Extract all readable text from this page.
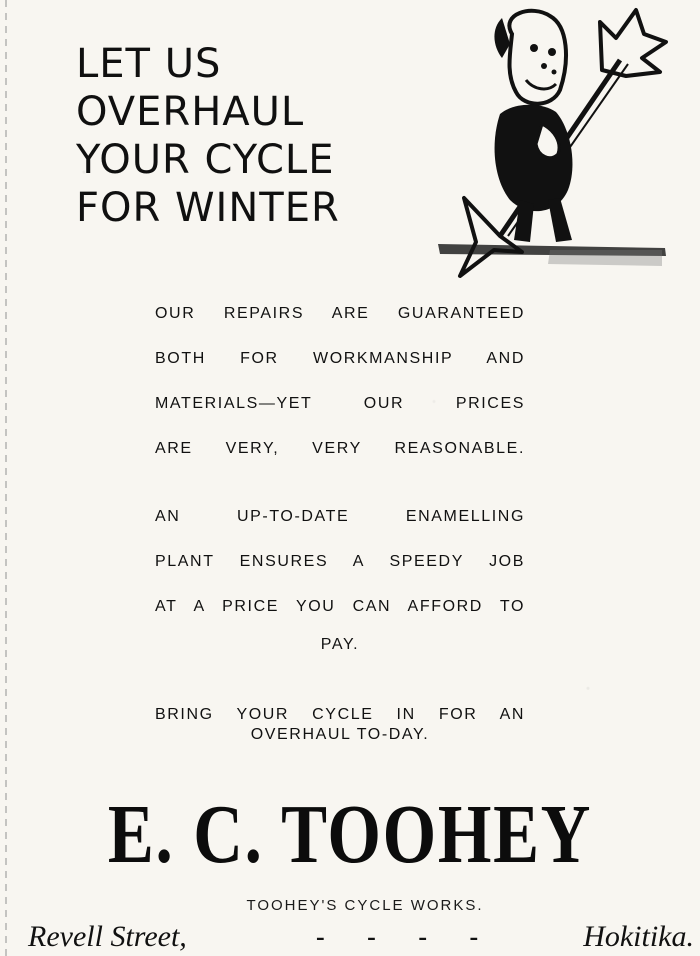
LET US
OVERHAUL
YOUR CYCLE
FOR WINTER
OUR REPAIRS ARE GUARANTEED
BOTH FOR WORKMANSHIP AND
MATERIALS—YET OUR PRICES
ARE VERY, VERY REASONABLE.
AN UP-TO-DATE ENAMELLING
PLANT ENSURES A SPEEDY JOB
AT A PRICE YOU CAN AFFORD TO
PAY.
BRING YOUR CYCLE IN FOR AN
OVERHAUL TO-DAY.
E. C. TOOHEY
TOOHEY'S CYCLE WORKS.
Revell Street,	- - - -	Hokitika.
